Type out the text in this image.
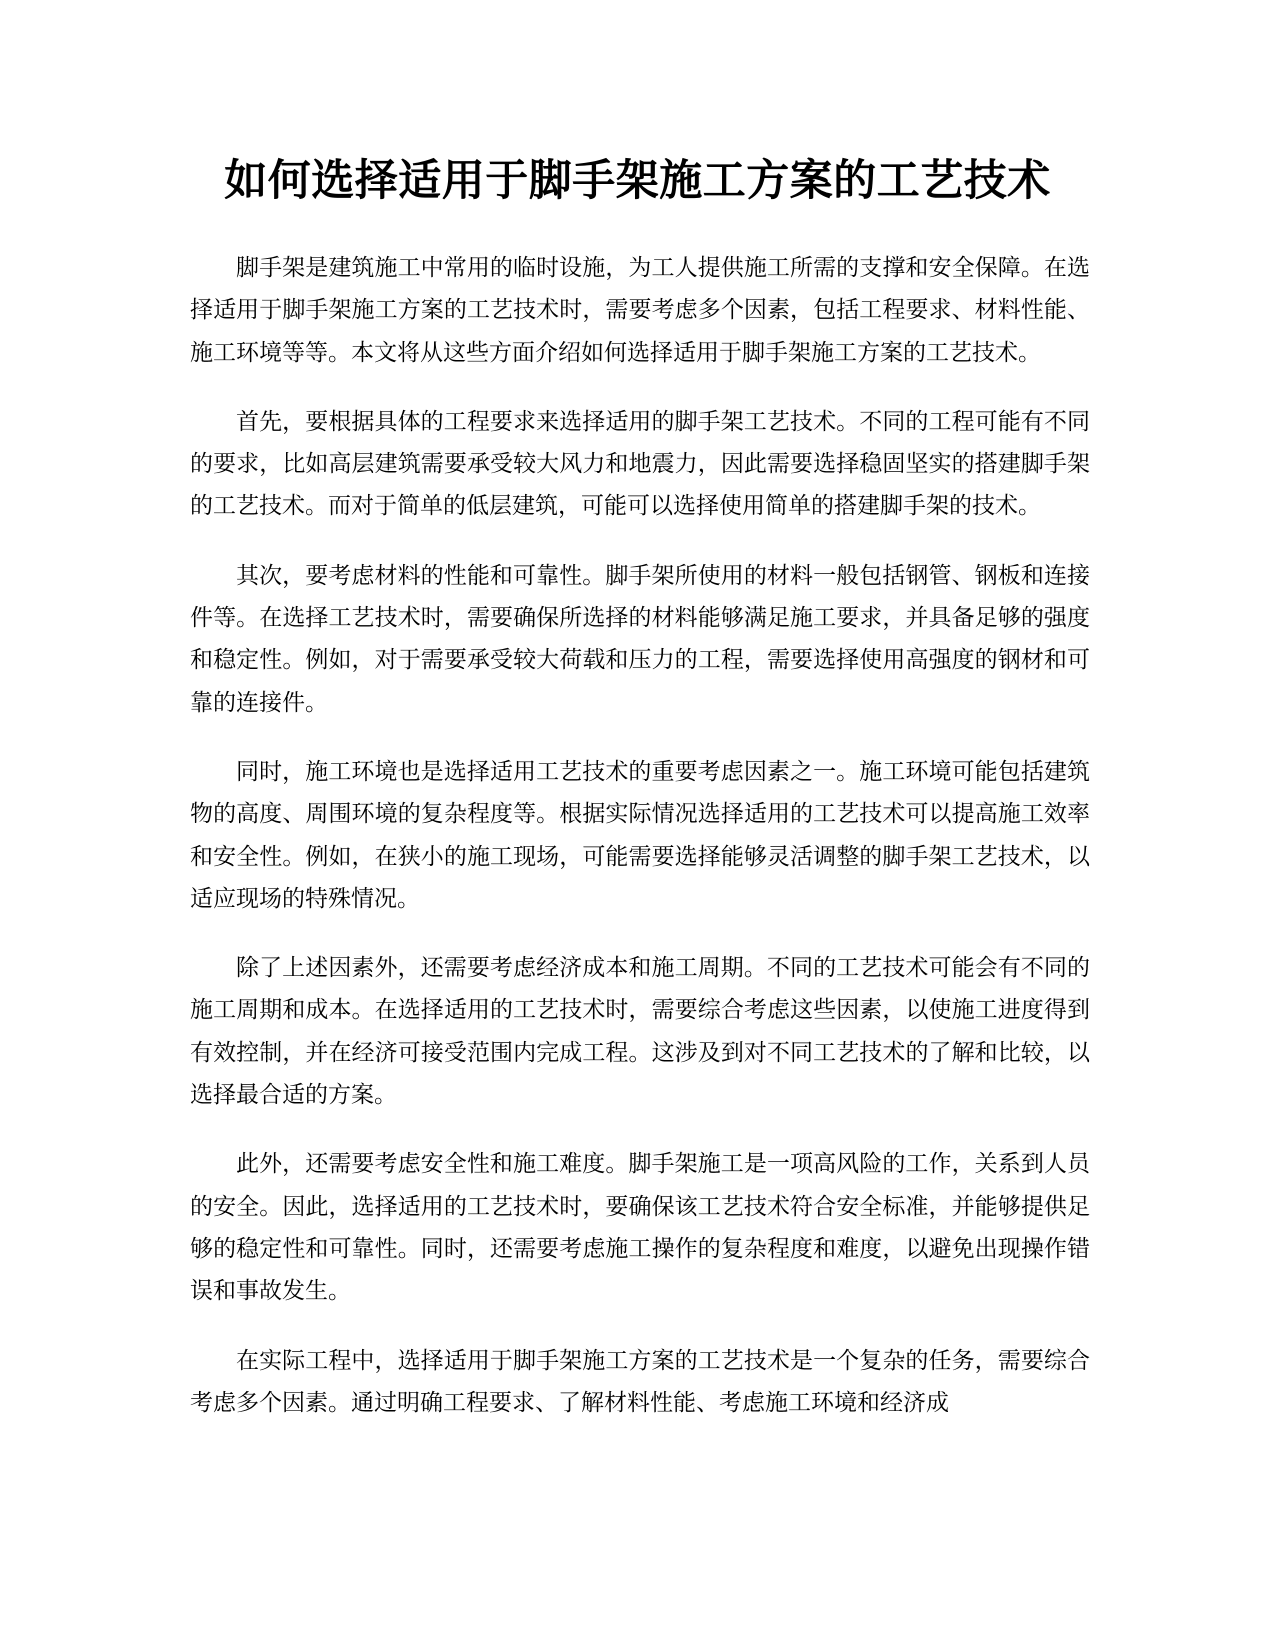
如何选择适用于脚手架施工方案的工艺技术

脚手架是建筑施工中常用的临时设施，为工人提供施工所需的支撑和安全保障。在选择适用于脚手架施工方案的工艺技术时，需要考虑多个因素，包括工程要求、材料性能、施工环境等等。本文将从这些方面介绍如何选择适用于脚手架施工方案的工艺技术。

首先，要根据具体的工程要求来选择适用的脚手架工艺技术。不同的工程可能有不同的要求，比如高层建筑需要承受较大风力和地震力，因此需要选择稳固坚实的搭建脚手架的工艺技术。而对于简单的低层建筑，可能可以选择使用简单的搭建脚手架的技术。

其次，要考虑材料的性能和可靠性。脚手架所使用的材料一般包括钢管、钢板和连接件等。在选择工艺技术时，需要确保所选择的材料能够满足施工要求，并具备足够的强度和稳定性。例如，对于需要承受较大荷载和压力的工程，需要选择使用高强度的钢材和可靠的连接件。

同时，施工环境也是选择适用工艺技术的重要考虑因素之一。施工环境可能包括建筑物的高度、周围环境的复杂程度等。根据实际情况选择适用的工艺技术可以提高施工效率和安全性。例如，在狭小的施工现场，可能需要选择能够灵活调整的脚手架工艺技术，以适应现场的特殊情况。

除了上述因素外，还需要考虑经济成本和施工周期。不同的工艺技术可能会有不同的施工周期和成本。在选择适用的工艺技术时，需要综合考虑这些因素，以使施工进度得到有效控制，并在经济可接受范围内完成工程。这涉及到对不同工艺技术的了解和比较，以选择最合适的方案。

此外，还需要考虑安全性和施工难度。脚手架施工是一项高风险的工作，关系到人员的安全。因此，选择适用的工艺技术时，要确保该工艺技术符合安全标准，并能够提供足够的稳定性和可靠性。同时，还需要考虑施工操作的复杂程度和难度，以避免出现操作错误和事故发生。

在实际工程中，选择适用于脚手架施工方案的工艺技术是一个复杂的任务，需要综合考虑多个因素。通过明确工程要求、了解材料性能、考虑施工环境和经济成
